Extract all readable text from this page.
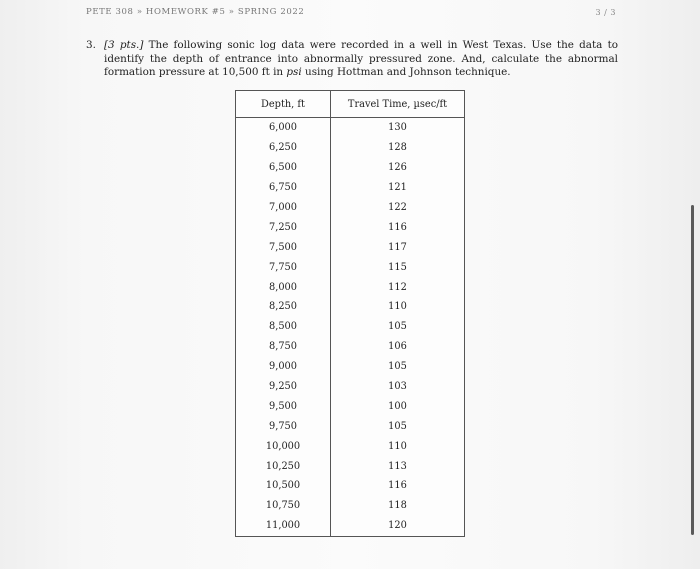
PETE 308 » HOMEWORK #5 » SPRING 2022	3 / 3
3. [3 pts.] The following sonic log data were recorded in a well in West Texas. Use the data to identify the depth of entrance into abnormally pressured zone. And, calculate the abnormal formation pressure at 10,500 ft in psi using Hottman and Johnson technique.
Depth, ft	Travel Time, µsec/ft
6,000	130
6,250	128
6,500	126
6,750	121
7,000	122
7,250	116
7,500	117
7,750	115
8,000	112
8,250	110
8,500	105
8,750	106
9,000	105
9,250	103
9,500	100
9,750	105
10,000	110
10,250	113
10,500	116
10,750	118
11,000	120
